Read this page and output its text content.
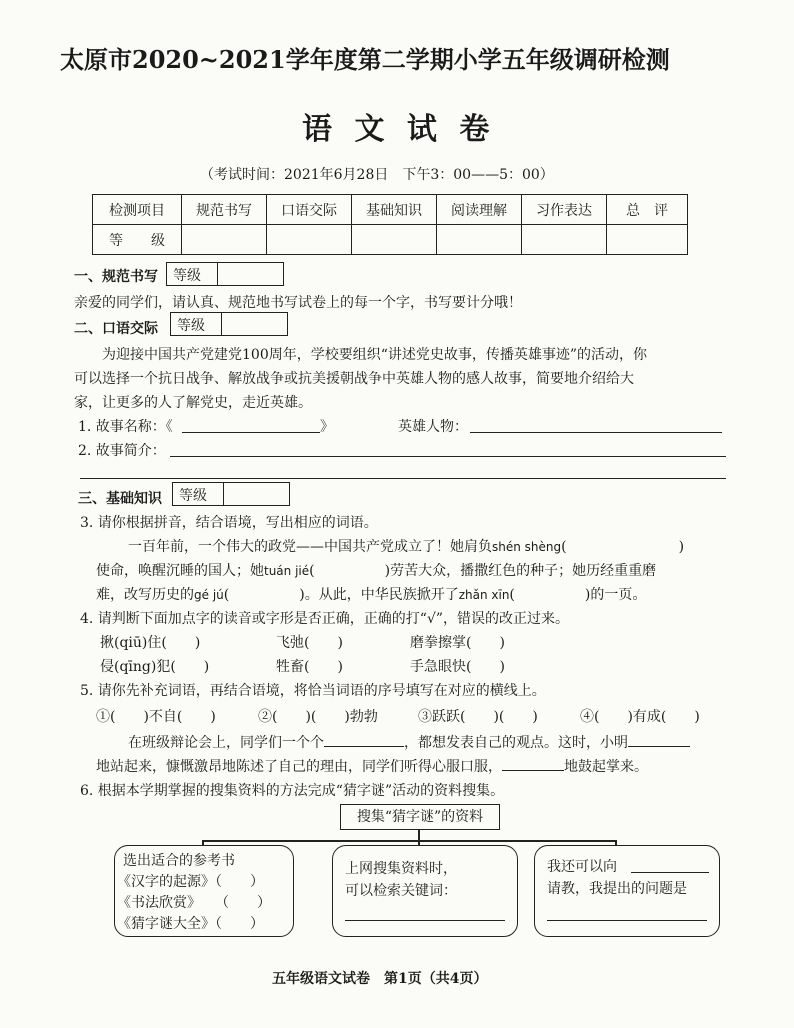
太原市2020~2021学年度第二学期小学五年级调研检测
语 文 试 卷
（考试时间：2021年6月28日　下午3：00——5：00）
检测项目	规范书写	口语交际	基础知识	阅读理解	习作表达	总　评
等　　级						
一、规范书写 等级
亲爱的同学们，请认真、规范地书写试卷上的每一个字，书写要计分哦！
二、口语交际 等级
为迎接中国共产党建党100周年，学校要组织“讲述党史故事，传播英雄事迹”的活动，你
可以选择一个抗日战争、解放战争或抗美援朝战争中英雄人物的感人故事，简要地介绍给大
家，让更多的人了解党史，走近英雄。
1. 故事名称：《	》	英雄人物：
2. 故事简介：
三、基础知识 等级
3. 请你根据拼音，结合语境，写出相应的词语。
一百年前，一个伟大的政党——中国共产党成立了！她肩负shén shèng(　　　　　　　　)
使命，唤醒沉睡的国人；她tuán jié(　　　　　)劳苦大众，播撒红色的种子；她历经重重磨
难，改写历史的gé jú(　　　　　)。从此，中华民族掀开了zhǎn xīn(　　　　　)的一页。
4. 请判断下面加点字的读音或字形是否正确，正确的打“√”，错误的改正过来。
揪(qiū)住(　　)	飞弛(　　)	磨拳擦掌(　　)
侵(qīng)犯(　　)	牲畜(　　)	手急眼快(　　)
5. 请你先补充词语，再结合语境，将恰当词语的序号填写在对应的横线上。
①(　　 )不自(　　 )	②(　　 )(　　 )勃勃	③跃跃(　　 )(　　 )	④(　　 )有成(　　 )
在班级辩论会上，同学们一个个	，都想发表自己的观点。这时，小明
地站起来，慷慨激昂地陈述了自己的理由，同学们听得心服口服，	地鼓起掌来。
6. 根据本学期掌握的搜集资料的方法完成“猜字谜”活动的资料搜集。
搜集“猜字谜”的资料
选出适合的参考书
《汉字的起源》（　　）
《书法欣赏》　　（　　）
《猜字谜大全》（　　）
上网搜集资料时，
可以检索关键词：
我还可以向
请教，我提出的问题是
五年级语文试卷　第1页（共4页）
